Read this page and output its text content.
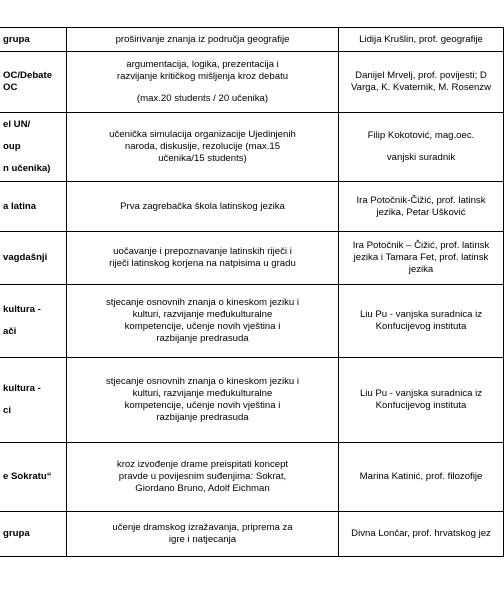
grupa	proširivanje znanja iz područja geografije	Lidija Krušlin, prof. geografije

OC/Debate
OC	argumentacija, logika, prezentacija i
razvijanje kritičkog mišljenja kroz debatu
(max.20 students / 20 učenika)	Danijel Mrvelj, prof. povijesti; D
Varga, K. Kvaternik, M. Rosenzw

el UN/
oup
n učenika)	učenička simulacija organizacije Ujedinjenih
naroda, diskusije, rezolucije (max.15
učenika/15 students)	Filip Kokotović, mag.oec.
vanjski suradnik

a latina	Prva zagrebačka škola latinskog jezika	Ira Potočnik-Čižić, prof. latinsk
jezika, Petar Ušković

vagdašnji	uočavanje i prepoznavanje latinskih riječi i
riječi latinskog korjena na natpisima u gradu	Ira Potočnik – Čižić, prof. latinsk
jezika i Tamara Fet, prof. latinsk
jezika

kultura -
ači	stjecanje osnovnih znanja o kineskom jeziku i
kulturi, razvijanje međukulturalne
kompetencije, učenje novih vještina i
razbijanje predrasuda	Liu Pu - vanjska suradnica iz
Konfucijevog instituta

kultura -
ci	stjecanje osnovnih znanja o kineskom jeziku i
kulturi, razvijanje međukulturalne
kompetencije, učenje novih vještina i
razbijanje predrasuda	Liu Pu - vanjska suradnica iz
Konfucijevog instituta

e Sokratu“	kroz izvođenje drame preispitati koncept
pravde u povijesnim suđenjima: Sokrat,
Giordano Bruno, Adolf Eichman	Marina Katinić, prof. filozofije

grupa	učenje dramskog izražavanja, priprema za
igre i natjecanja	Divna Lončar, prof. hrvatskog jez
